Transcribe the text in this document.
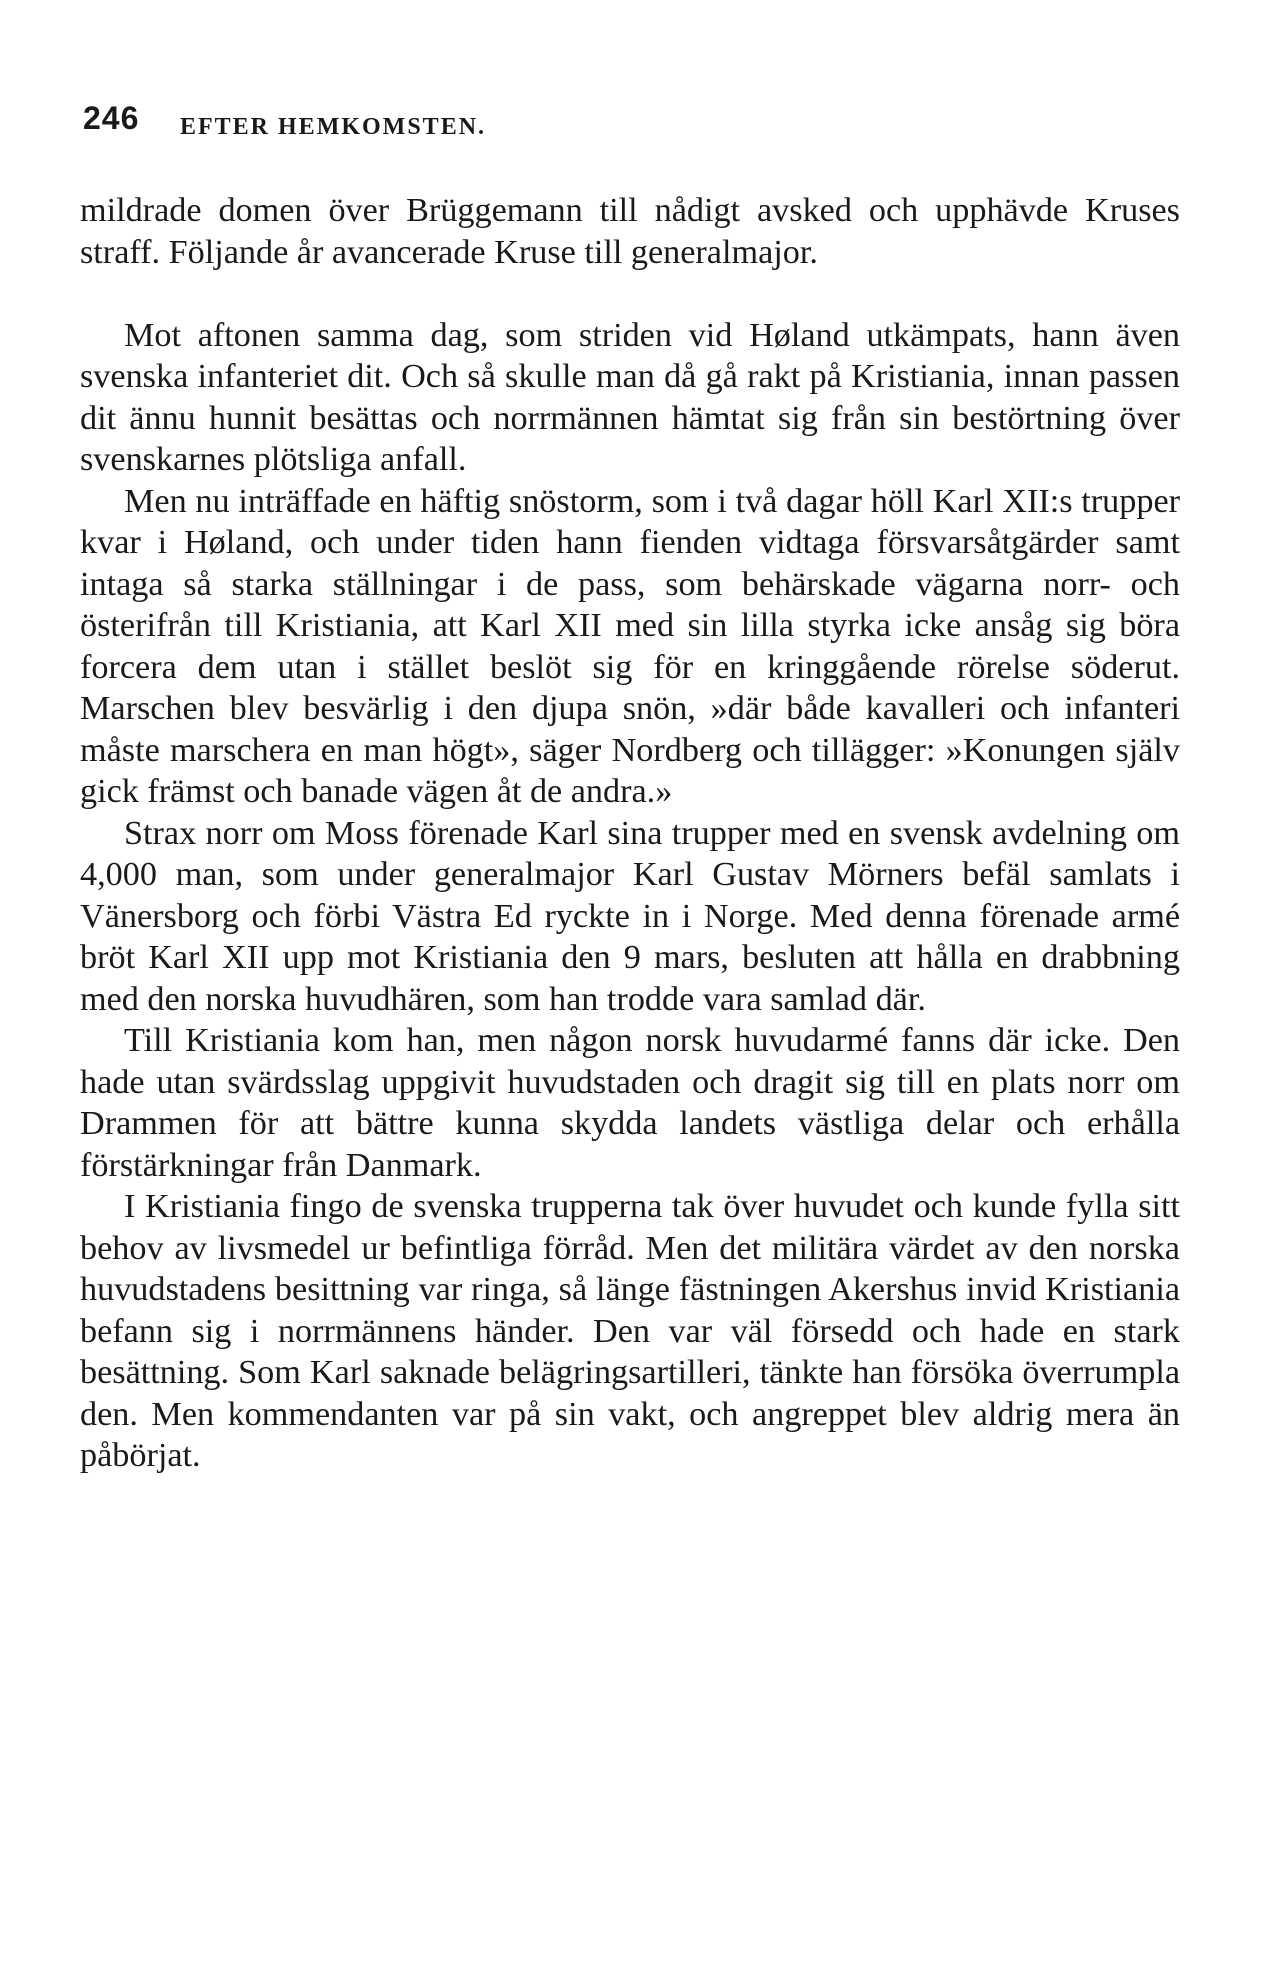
246 EFTER HEMKOMSTEN.

mildrade domen över Brüggemann till nådigt avsked och upphävde Kruses straff. Följande år avancerade Kruse till generalmajor.

Mot aftonen samma dag, som striden vid Høland utkämpats, hann även svenska infanteriet dit. Och så skulle man då gå rakt på Kristiania, innan passen dit ännu hunnit besättas och norrmännen hämtat sig från sin bestörtning över svenskarnes plötsliga anfall.

Men nu inträffade en häftig snöstorm, som i två dagar höll Karl XII:s trupper kvar i Høland, och under tiden hann fienden vidtaga försvarsåtgärder samt intaga så starka ställningar i de pass, som behärskade vägarna norr- och österifrån till Kristiania, att Karl XII med sin lilla styrka icke ansåg sig böra forcera dem utan i stället beslöt sig för en kringgående rörelse söderut. Marschen blev besvärlig i den djupa snön, »där både kavalleri och infanteri måste marschera en man högt», säger Nordberg och tillägger: »Konungen själv gick främst och banade vägen åt de andra.»

Strax norr om Moss förenade Karl sina trupper med en svensk avdelning om 4,000 man, som under generalmajor Karl Gustav Mörners befäl samlats i Vänersborg och förbi Västra Ed ryckte in i Norge. Med denna förenade armé bröt Karl XII upp mot Kristiania den 9 mars, besluten att hålla en drabbning med den norska huvudhären, som han trodde vara samlad där.

Till Kristiania kom han, men någon norsk huvudarmé fanns där icke. Den hade utan svärdsslag uppgivit huvudstaden och dragit sig till en plats norr om Drammen för att bättre kunna skydda landets västliga delar och erhålla förstärkningar från Danmark.

I Kristiania fingo de svenska trupperna tak över huvudet och kunde fylla sitt behov av livsmedel ur befintliga förråd. Men det militära värdet av den norska huvudstadens besittning var ringa, så länge fästningen Akershus invid Kristiania befann sig i norrmännens händer. Den var väl försedd och hade en stark besättning. Som Karl saknade belägringsartilleri, tänkte han försöka överrumpla den. Men kommendanten var på sin vakt, och angreppet blev aldrig mera än påbörjat.
